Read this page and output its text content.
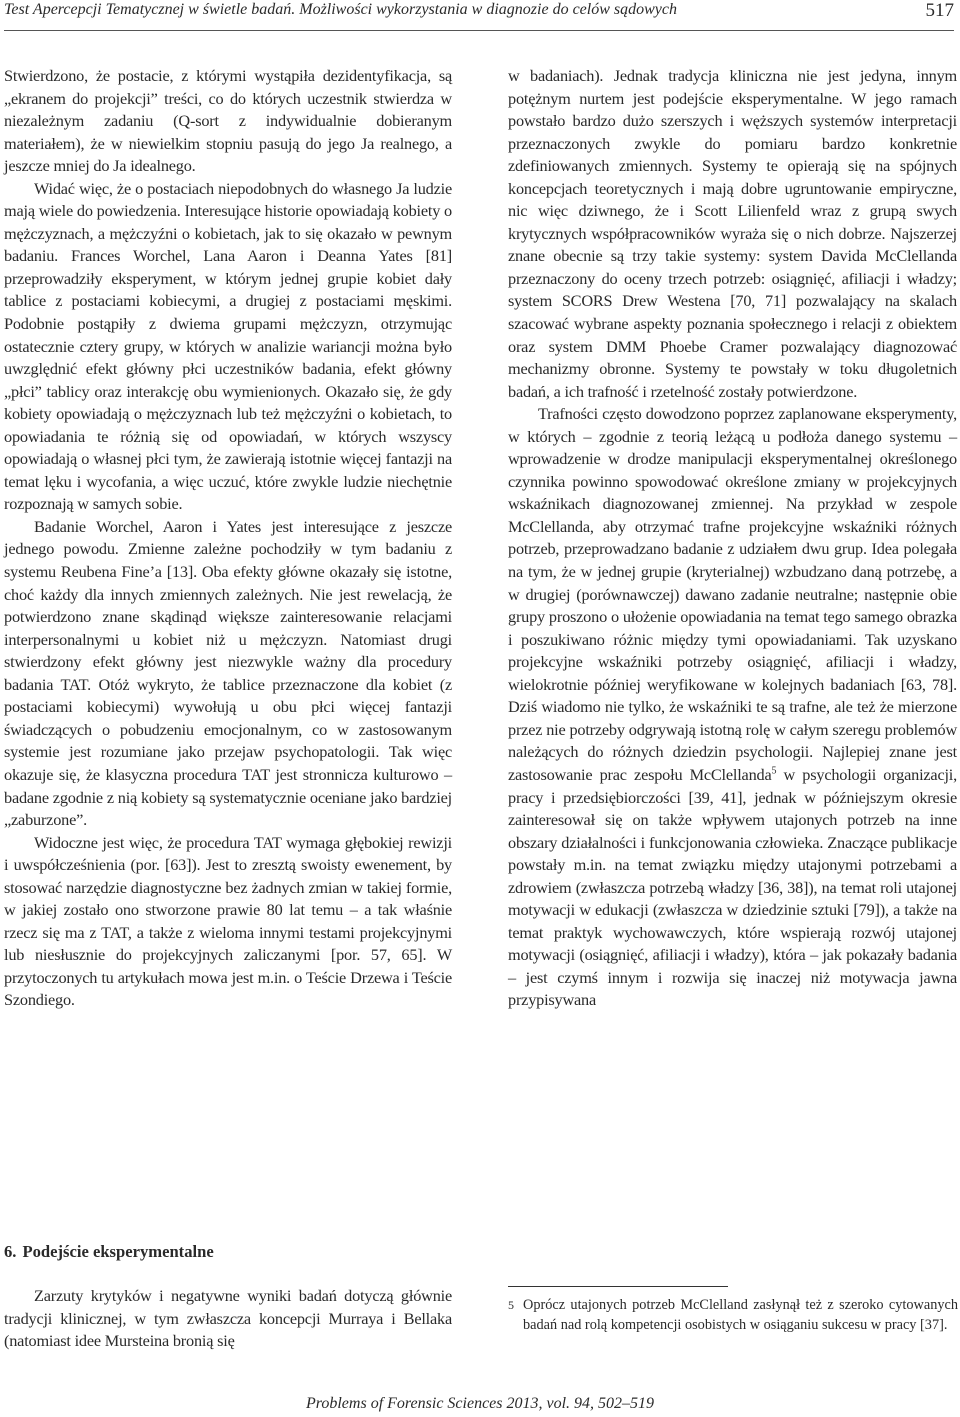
Test Apercepcji Tematycznej w świetle badań. Możliwości wykorzystania w diagnozie do celów sądowych	517

Stwierdzono, że postacie, z którymi wystąpiła dezidentyfikacja, są „ekranem do projekcji” treści, co do których uczestnik stwierdza w niezależnym zadaniu (Q-sort z indywidualnie dobieranym materiałem), że w niewielkim stopniu pasują do jego Ja realnego, a jeszcze mniej do Ja idealnego.

Widać więc, że o postaciach niepodobnych do własnego Ja ludzie mają wiele do powiedzenia. Interesujące historie opowiadają kobiety o mężczyznach, a mężczyźni o kobietach, jak to się okazało w pewnym badaniu. Frances Worchel, Lana Aaron i Deanna Yates [81] przeprowadziły eksperyment, w którym jednej grupie kobiet dały tablice z postaciami kobiecymi, a drugiej z postaciami męskimi. Podobnie postąpiły z dwiema grupami mężczyzn, otrzymując ostatecznie cztery grupy, w których w analizie wariancji można było uwzględnić efekt główny płci uczestników badania, efekt główny „płci” tablicy oraz interakcję obu wymienionych. Okazało się, że gdy kobiety opowiadają o mężczyznach lub też mężczyźni o kobietach, to opowiadania te różnią się od opowiadań, w których wszyscy opowiadają o własnej płci tym, że zawierają istotnie więcej fantazji na temat lęku i wycofania, a więc uczuć, które zwykle ludzie niechętnie rozpoznają w samych sobie.

Badanie Worchel, Aaron i Yates jest interesujące z jeszcze jednego powodu. Zmienne zależne pochodziły w tym badaniu z systemu Reubena Fine’a [13]. Oba efekty główne okazały się istotne, choć każdy dla innych zmiennych zależnych. Nie jest rewelacją, że potwierdzono znane skądinąd większe zainteresowanie relacjami interpersonalnymi u kobiet niż u mężczyzn. Natomiast drugi stwierdzony efekt główny jest niezwykle ważny dla procedury badania TAT. Otóż wykryto, że tablice przeznaczone dla kobiet (z postaciami kobiecymi) wywołują u obu płci więcej fantazji świadczących o pobudzeniu emocjonalnym, co w zastosowanym systemie jest rozumiane jako przejaw psychopatologii. Tak więc okazuje się, że klasyczna procedura TAT jest stronnicza kulturowo – badane zgodnie z nią kobiety są systematycznie oceniane jako bardziej „zaburzone”.

Widoczne jest więc, że procedura TAT wymaga głębokiej rewizji i uwspółcześnienia (por. [63]). Jest to zresztą swoisty ewenement, by stosować narzędzie diagnostyczne bez żadnych zmian w takiej formie, w jakiej zostało ono stworzone prawie 80 lat temu – a tak właśnie rzecz się ma z TAT, a także z wieloma innymi testami projekcyjnymi lub niesłusznie do projekcyjnych zaliczanymi [por. 57, 65]. W przytoczonych tu artykułach mowa jest m.in. o Teście Drzewa i Teście Szondiego.

6. Podejście eksperymentalne

Zarzuty krytyków i negatywne wyniki badań dotyczą głównie tradycji klinicznej, w tym zwłaszcza koncepcji Murraya i Bellaka (natomiast idee Mursteina bronią się

w badaniach). Jednak tradycja kliniczna nie jest jedyna, innym potężnym nurtem jest podejście eksperymentalne. W jego ramach powstało bardzo dużo szerszych i węższych systemów interpretacji przeznaczonych zwykle do pomiaru bardzo konkretnie zdefiniowanych zmiennych. Systemy te opierają się na spójnych koncepcjach teoretycznych i mają dobre ugruntowanie empiryczne, nic więc dziwnego, że i Scott Lilienfeld wraz z grupą swych krytycznych współpracowników wyraża się o nich dobrze. Najszerzej znane obecnie są trzy takie systemy: system Davida McClellanda przeznaczony do oceny trzech potrzeb: osiągnięć, afiliacji i władzy; system SCORS Drew Westena [70, 71] pozwalający na skalach szacować wybrane aspekty poznania społecznego i relacji z obiektem oraz system DMM Phoebe Cramer pozwalający diagnozować mechanizmy obronne. Systemy te powstały w toku długoletnich badań, a ich trafność i rzetelność zostały potwierdzone.

Trafności często dowodzono poprzez zaplanowane eksperymenty, w których – zgodnie z teorią leżącą u podłoża danego systemu – wprowadzenie w drodze manipulacji eksperymentalnej określonego czynnika powinno spowodować określone zmiany w projekcyjnych wskaźnikach diagnozowanej zmiennej. Na przykład w zespole McClellanda, aby otrzymać trafne projekcyjne wskaźniki różnych potrzeb, przeprowadzano badanie z udziałem dwu grup. Idea polegała na tym, że w jednej grupie (kryterialnej) wzbudzano daną potrzebę, a w drugiej (porównawczej) dawano zadanie neutralne; następnie obie grupy proszono o ułożenie opowiadania na temat tego samego obrazka i poszukiwano różnic między tymi opowiadaniami. Tak uzyskano projekcyjne wskaźniki potrzeby osiągnięć, afiliacji i władzy, wielokrotnie później weryfikowane w kolejnych badaniach [63, 78]. Dziś wiadomo nie tylko, że wskaźniki te są trafne, ale też że mierzone przez nie potrzeby odgrywają istotną rolę w całym szeregu problemów należących do różnych dziedzin psychologii. Najlepiej znane jest zastosowanie prac zespołu McClellanda$^5$ w psychologii organizacji, pracy i przedsiębiorczości [39, 41], jednak w późniejszym okresie zainteresował się on także wpływem utajonych potrzeb na inne obszary działalności i funkcjonowania człowieka. Znaczące publikacje powstały m.in. na temat związku między utajonymi potrzebami a zdrowiem (zwłaszcza potrzebą władzy [36, 38]), na temat roli utajonej motywacji w edukacji (zwłaszcza w dziedzinie sztuki [79]), a także na temat praktyk wychowawczych, które wspierają rozwój utajonej motywacji (osiągnięć, afiliacji i władzy), która – jak pokazały badania – jest czymś innym i rozwija się inaczej niż motywacja jawna przypisywana

5 Oprócz utajonych potrzeb McClelland zasłynął też z szeroko cytowanych badań nad rolą kompetencji osobistych w osiąganiu sukcesu w pracy [37].
Problems of Forensic Sciences 2013, vol. 94, 502–519
